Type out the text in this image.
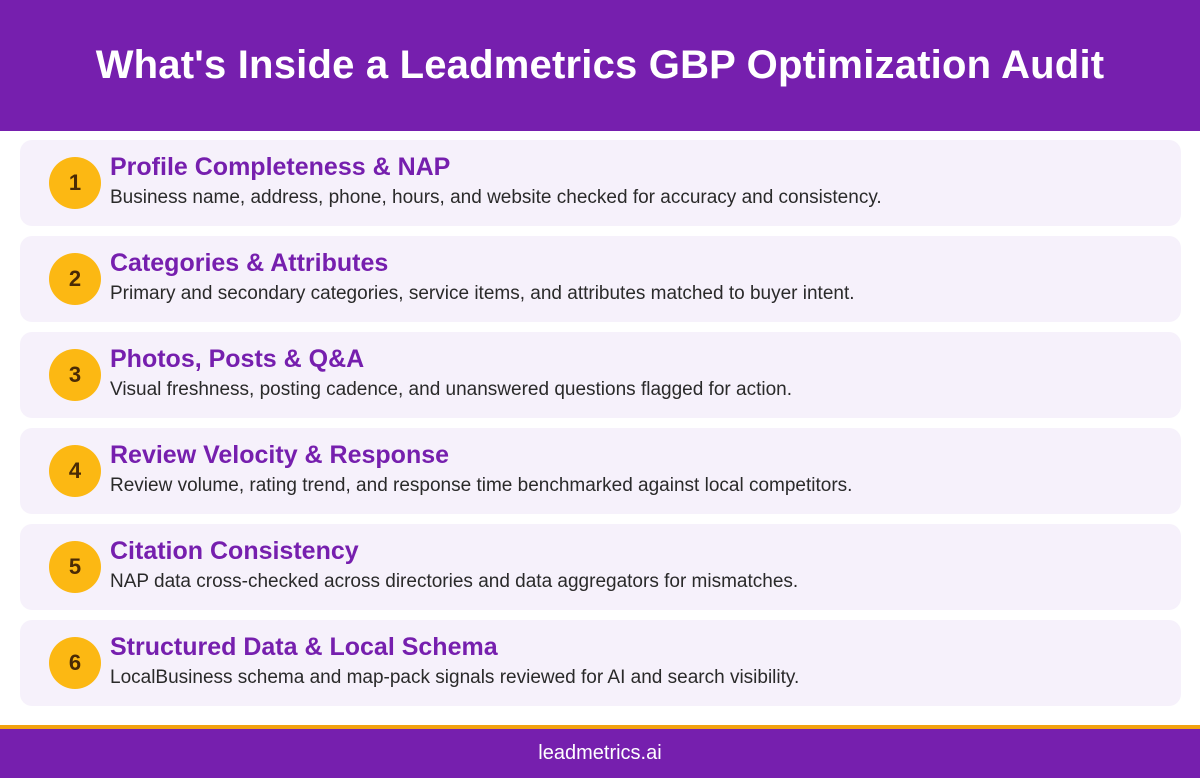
What's Inside a Leadmetrics GBP Optimization Audit
1
Profile Completeness & NAP

Business name, address, phone, hours, and website checked for accuracy and consistency.

2
Categories & Attributes

Primary and secondary categories, service items, and attributes matched to buyer intent.

3
Photos, Posts & Q&A

Visual freshness, posting cadence, and unanswered questions flagged for action.

4
Review Velocity & Response

Review volume, rating trend, and response time benchmarked against local competitors.

5
Citation Consistency

NAP data cross-checked across directories and data aggregators for mismatches.

6
Structured Data & Local Schema

LocalBusiness schema and map-pack signals reviewed for AI and search visibility.

leadmetrics.ai
